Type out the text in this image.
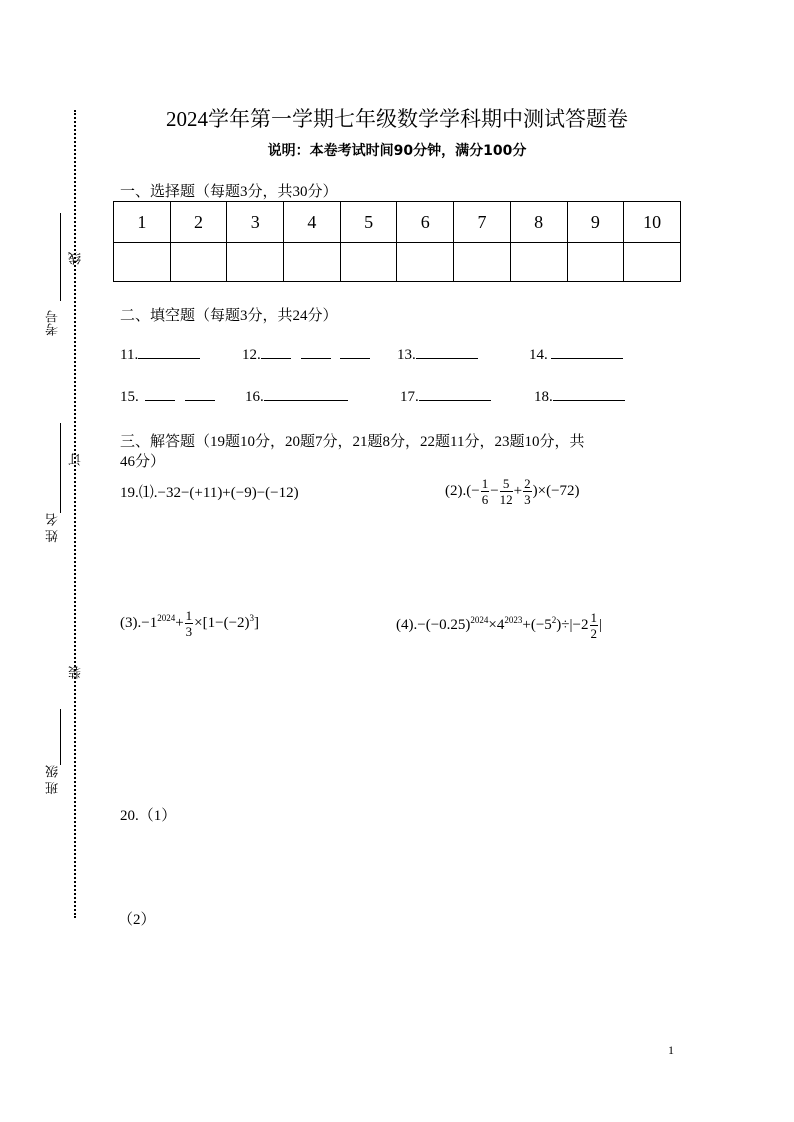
考号
线
姓 名
订
装
班 级
2024学年第一学期七年级数学学科期中测试答题卷
说明：本卷考试时间90分钟，满分100分
一、选择题（每题3分，共30分）
1	2	3	4	5	6	7	8	9	10

二、填空题（每题3分，共24分）
11.	12.	13.	14.
15.	16.	17.	18.
三、解答题（19题10分，20题7分，21题8分，22题11分，23题10分，共
46分）
19.⑴.−32−(+11)+(−9)−(−12)	$(2).(- \frac{1}{6} - \frac{5}{12} + \frac{2}{3} )\times(-72)$
$(3).-1^{2024}+ \frac{1}{3} \times[1-(-2)^3]$	$(4).-(-0.25)^{2024}\times 4^{2023}+(-5^2)\div|-2 \frac{1}{2}$ |
20.（1）
（2）
1
